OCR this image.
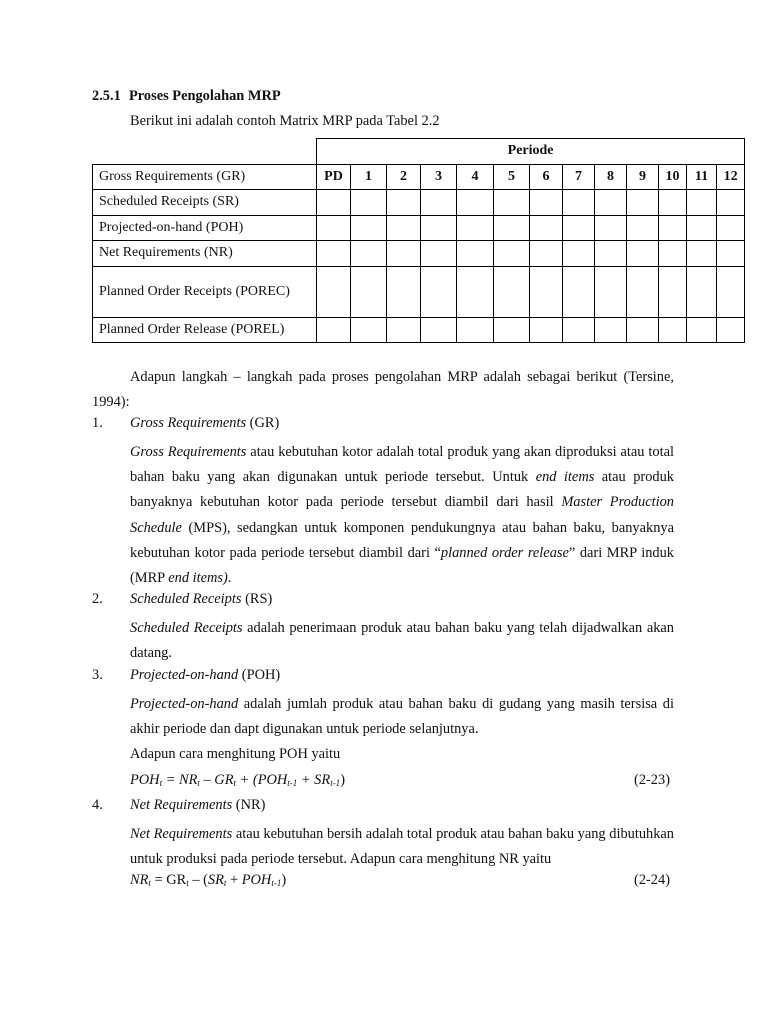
2.5.1 Proses Pengolahan MRP
Berikut ini adalah contoh Matrix MRP pada Tabel 2.2
	Periode												
Gross Requirements (GR)	PD	1	2	3	4	5	6	7	8	9	10	11	12
Scheduled Receipts (SR)													
Projected-on-hand (POH)													
Net Requirements (NR)													
Planned Order Receipts (POREC)													
Planned Order Release (POREL)													
Adapun langkah – langkah pada proses pengolahan MRP adalah sebagai berikut (Tersine, 1994):
1. Gross Requirements (GR)
Gross Requirements atau kebutuhan kotor adalah total produk yang akan diproduksi atau total bahan baku yang akan digunakan untuk periode tersebut. Untuk end items atau produk banyaknya kebutuhan kotor pada periode tersebut diambil dari hasil Master Production Schedule (MPS), sedangkan untuk komponen pendukungnya atau bahan baku, banyaknya kebutuhan kotor pada periode tersebut diambil dari “planned order release” dari MRP induk (MRP end items).
2. Scheduled Receipts (RS)
Scheduled Receipts adalah penerimaan produk atau bahan baku yang telah dijadwalkan akan datang.
3. Projected-on-hand (POH)
Projected-on-hand adalah jumlah produk atau bahan baku di gudang yang masih tersisa di akhir periode dan dapt digunakan untuk periode selanjutnya.
Adapun cara menghitung POH yaitu
$POH_t = NR_t - GR_t + (POH_{t-1} + SR_{t-1})$	(2-23)
4. Net Requirements (NR)
Net Requirements atau kebutuhan bersih adalah total produk atau bahan baku yang dibutuhkan untuk produksi pada periode tersebut. Adapun cara menghitung NR yaitu
$NR_t = GR_t - (SR_t + POH_{t-1})$	(2-24)
